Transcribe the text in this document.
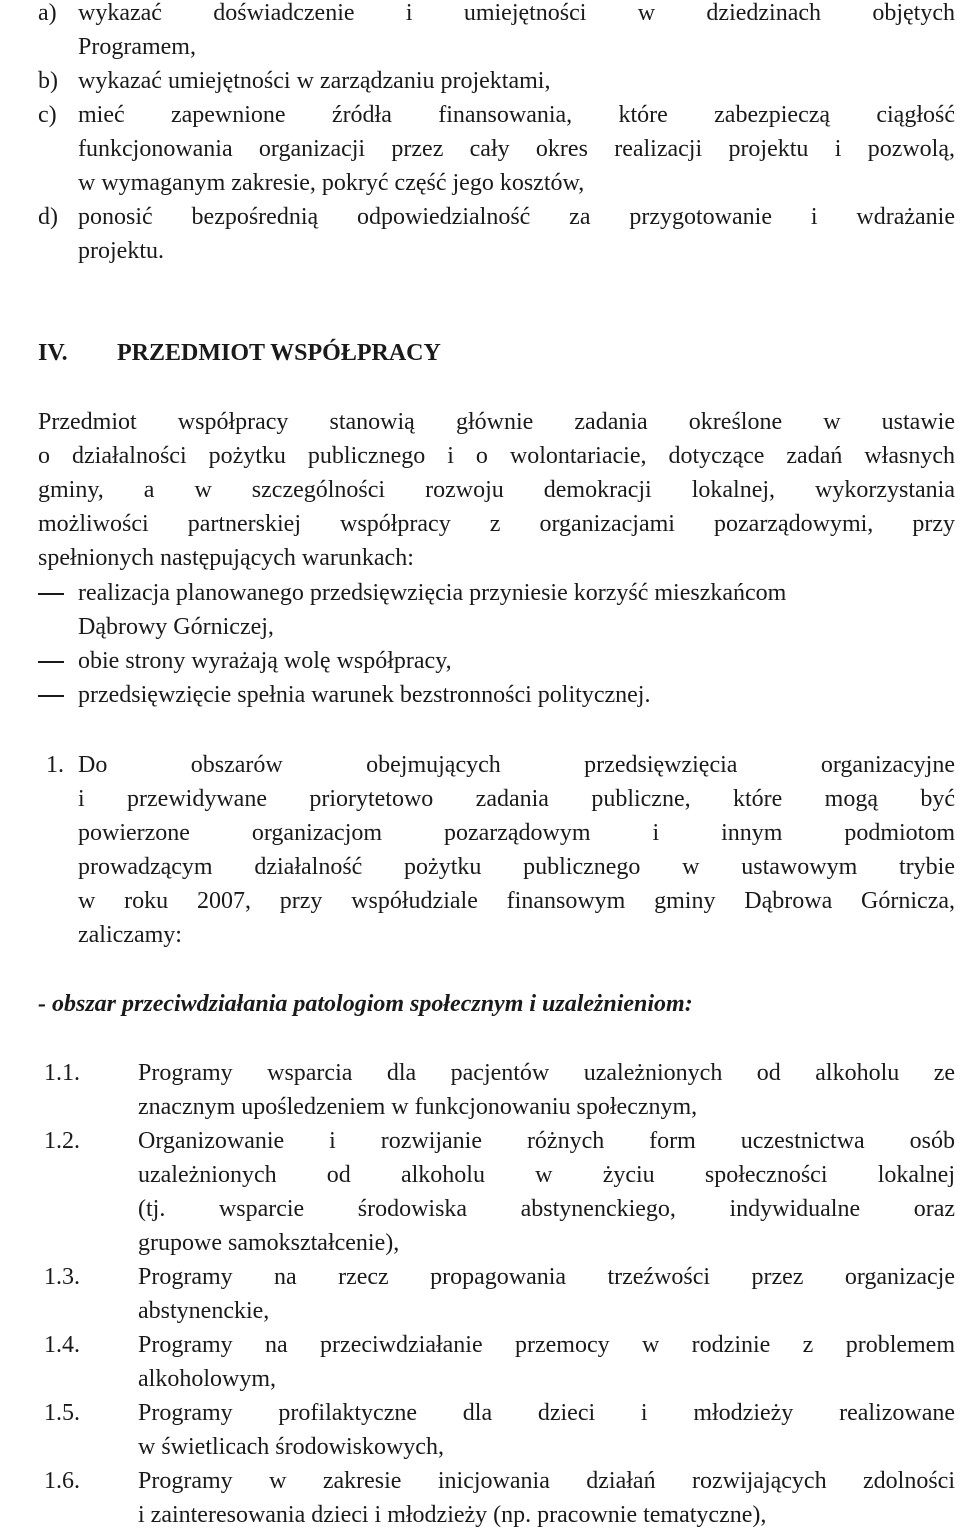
a) wykazać doświadczenie i umiejętności w dziedzinach objętych
Programem,
b) wykazać umiejętności w zarządzaniu projektami,
c) mieć zapewnione źródła finansowania, które zabezpieczą ciągłość
funkcjonowania organizacji przez cały okres realizacji projektu i pozwolą,
w wymaganym zakresie, pokryć część jego kosztów,
d) ponosić bezpośrednią odpowiedzialność za przygotowanie i wdrażanie
projektu.
IV. PRZEDMIOT WSPÓŁPRACY
Przedmiot współpracy stanowią głównie zadania określone w ustawie
o działalności pożytku publicznego i o wolontariacie, dotyczące zadań własnych
gminy, a w szczególności rozwoju demokracji lokalnej, wykorzystania
możliwości partnerskiej współpracy z organizacjami pozarządowymi, przy
spełnionych następujących warunkach:
realizacja planowanego przedsięwzięcia przyniesie korzyść mieszkańcom
Dąbrowy Górniczej,
obie strony wyrażają wolę współpracy,
przedsięwzięcie spełnia warunek bezstronności politycznej.
1. Do obszarów obejmujących przedsięwzięcia organizacyjne
i przewidywane priorytetowo zadania publiczne, które mogą być
powierzone organizacjom pozarządowym i innym podmiotom
prowadzącym działalność pożytku publicznego w ustawowym trybie
w roku 2007, przy współudziale finansowym gminy Dąbrowa Górnicza,
zaliczamy:
- obszar przeciwdziałania patologiom społecznym i uzależnieniom:
1.1. Programy wsparcia dla pacjentów uzależnionych od alkoholu ze
znacznym upośledzeniem w funkcjonowaniu społecznym,
1.2. Organizowanie i rozwijanie różnych form uczestnictwa osób
uzależnionych od alkoholu w życiu społeczności lokalnej
(tj. wsparcie środowiska abstynenckiego, indywidualne oraz
grupowe samokształcenie),
1.3. Programy na rzecz propagowania trzeźwości przez organizacje
abstynenckie,
1.4. Programy na przeciwdziałanie przemocy w rodzinie z problemem
alkoholowym,
1.5. Programy profilaktyczne dla dzieci i młodzieży realizowane
w świetlicach środowiskowych,
1.6. Programy w zakresie inicjowania działań rozwijających zdolności
i zainteresowania dzieci i młodzieży (np. pracownie tematyczne),
